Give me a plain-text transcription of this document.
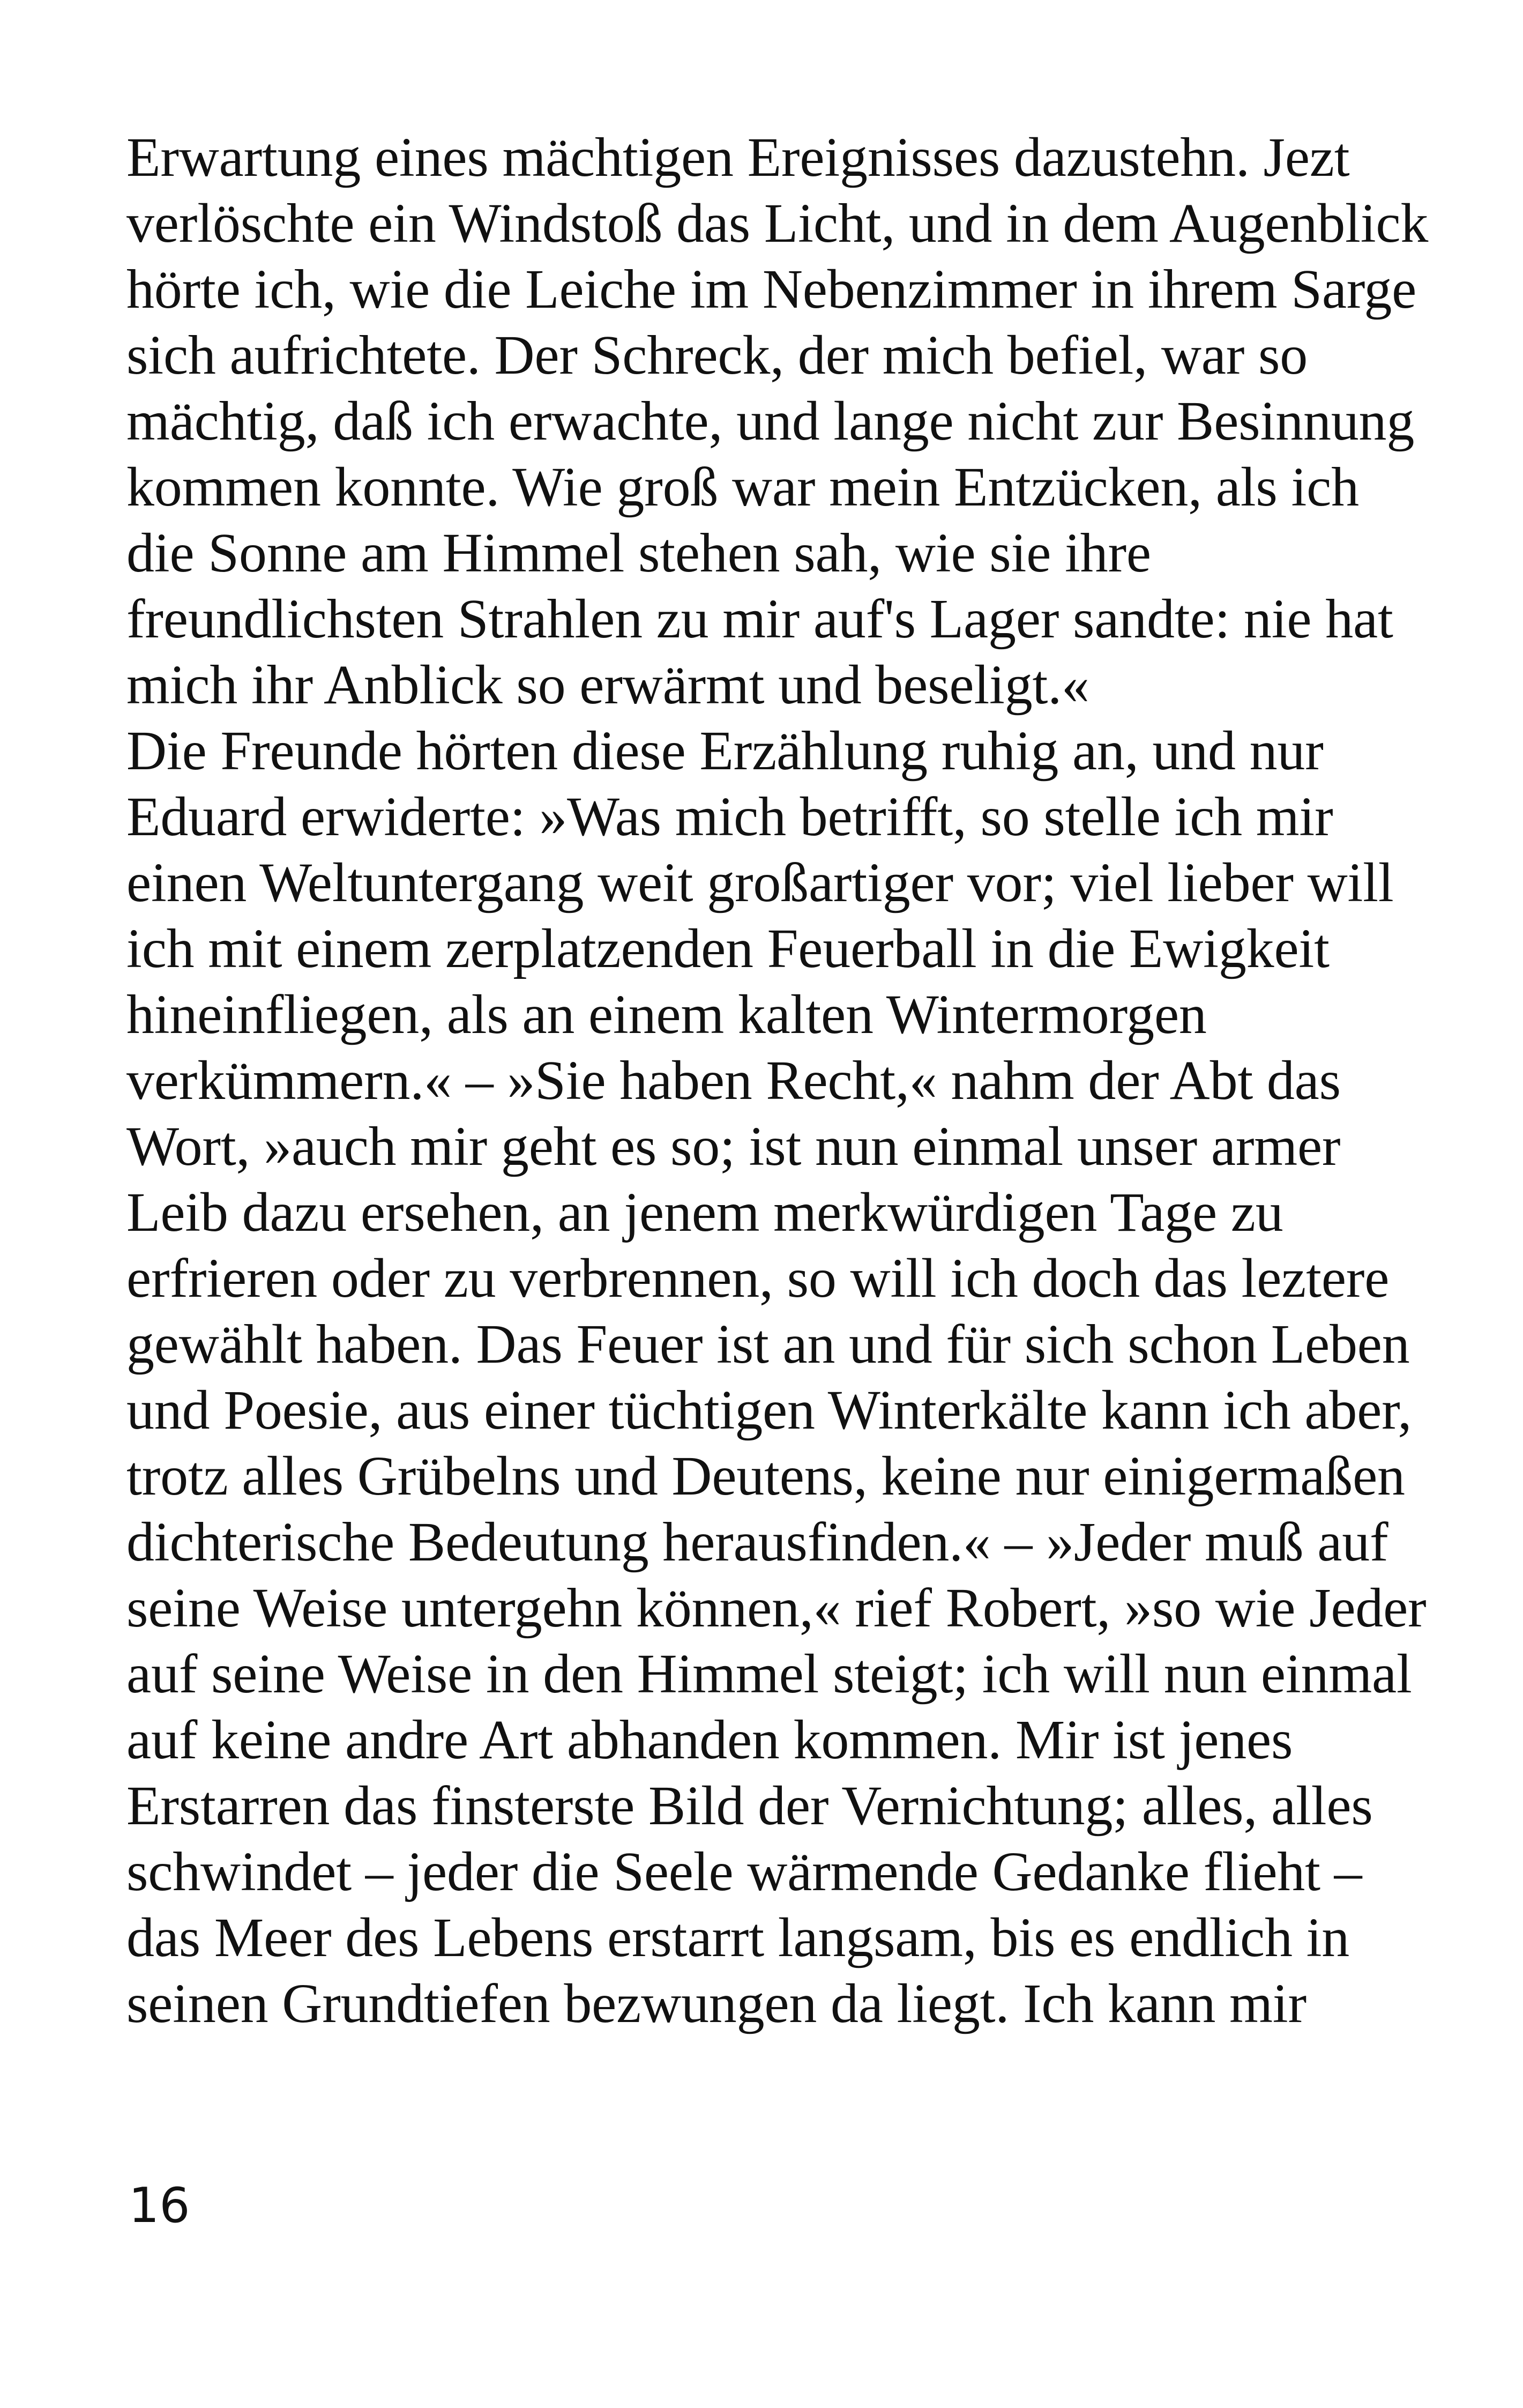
Erwartung eines mächtigen Ereignisses dazustehn. Jezt
verlöschte ein Windstoß das Licht, und in dem Augenblick
hörte ich, wie die Leiche im Nebenzimmer in ihrem Sarge
sich aufrichtete. Der Schreck, der mich befiel, war so
mächtig, daß ich erwachte, und lange nicht zur Besinnung
kommen konnte. Wie groß war mein Entzücken, als ich
die Sonne am Himmel stehen sah, wie sie ihre
freundlichsten Strahlen zu mir auf's Lager sandte: nie hat
mich ihr Anblick so erwärmt und beseligt.«
Die Freunde hörten diese Erzählung ruhig an, und nur
Eduard erwiderte: »Was mich betrifft, so stelle ich mir
einen Weltuntergang weit großartiger vor; viel lieber will
ich mit einem zerplatzenden Feuerball in die Ewigkeit
hineinfliegen, als an einem kalten Wintermorgen
verkümmern.« – »Sie haben Recht,« nahm der Abt das
Wort, »auch mir geht es so; ist nun einmal unser armer
Leib dazu ersehen, an jenem merkwürdigen Tage zu
erfrieren oder zu verbrennen, so will ich doch das leztere
gewählt haben. Das Feuer ist an und für sich schon Leben
und Poesie, aus einer tüchtigen Winterkälte kann ich aber,
trotz alles Grübelns und Deutens, keine nur einigermaßen
dichterische Bedeutung herausfinden.« – »Jeder muß auf
seine Weise untergehn können,« rief Robert, »so wie Jeder
auf seine Weise in den Himmel steigt; ich will nun einmal
auf keine andre Art abhanden kommen. Mir ist jenes
Erstarren das finsterste Bild der Vernichtung; alles, alles
schwindet – jeder die Seele wärmende Gedanke flieht –
das Meer des Lebens erstarrt langsam, bis es endlich in
seinen Grundtiefen bezwungen da liegt. Ich kann mir
16
